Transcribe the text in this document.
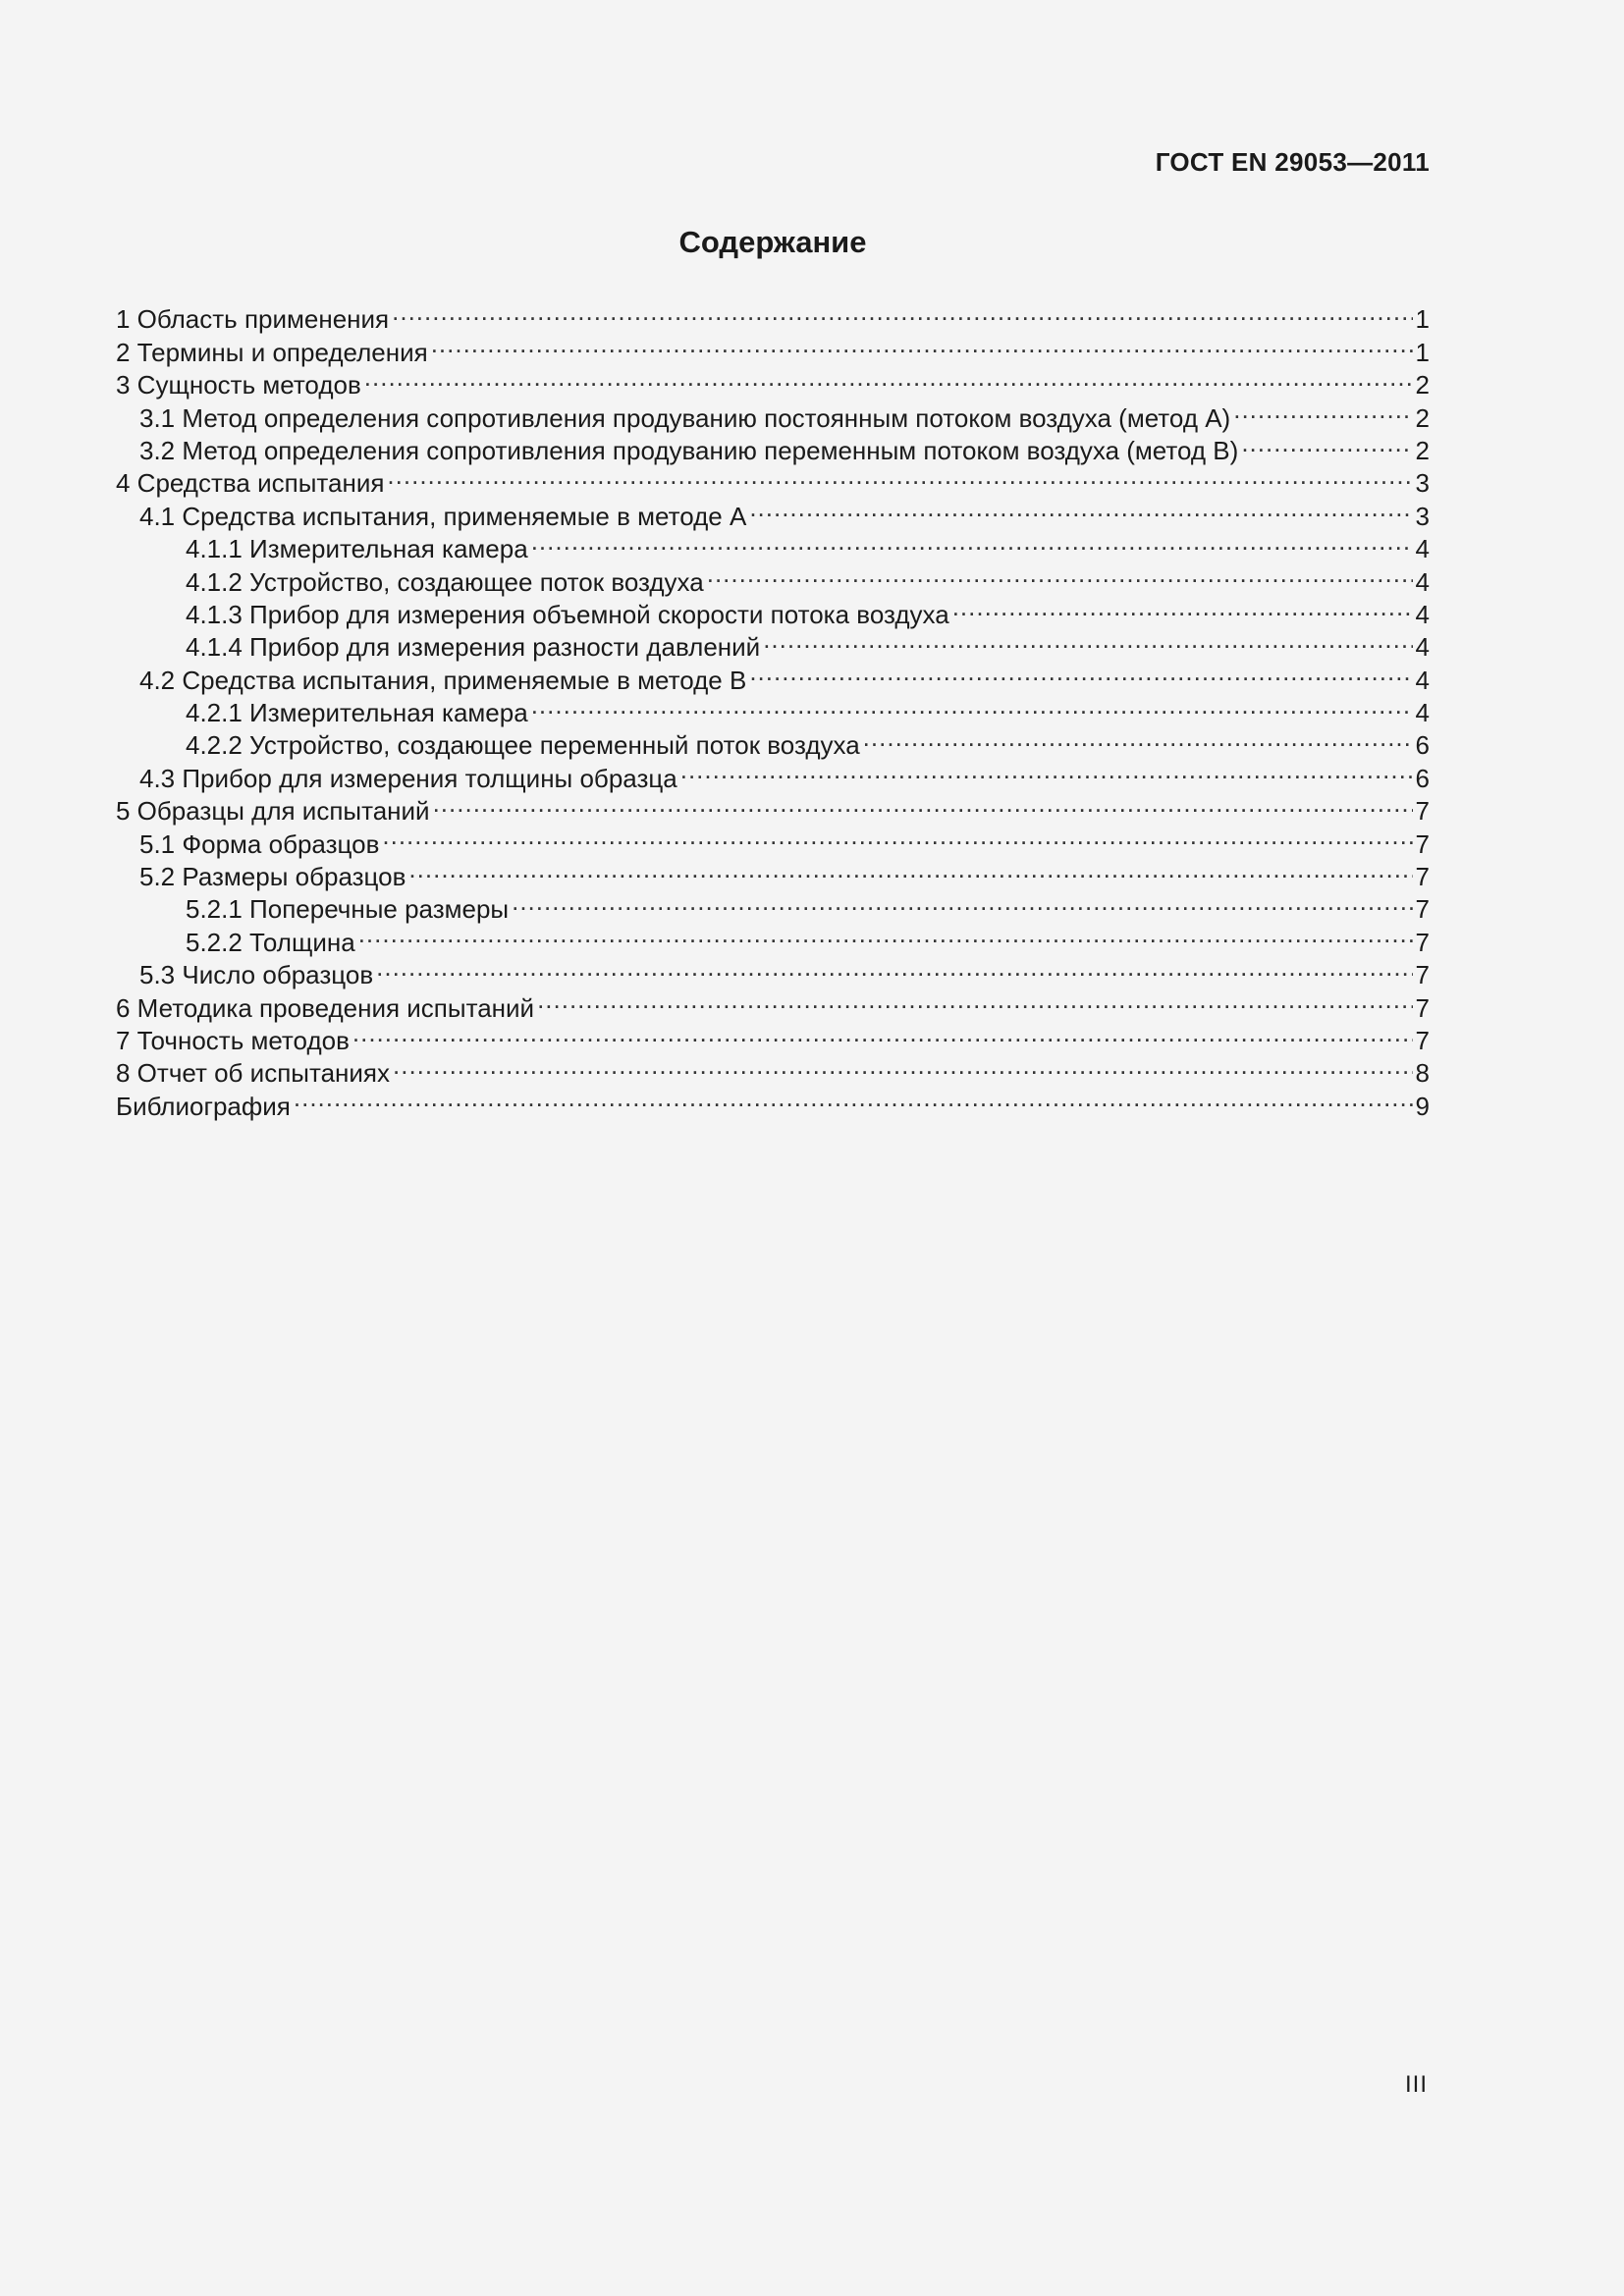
ГОСТ EN 29053—2011
Содержание
1 Область применения .....	1
2 Термины и определения .....	1
3 Сущность методов .....	2
3.1 Метод определения сопротивления продуванию постоянным потоком воздуха (метод A) .....	2
3.2 Метод определения сопротивления продуванию переменным потоком воздуха (метод B) .....	2
4 Средства испытания .....	3
4.1 Средства испытания, применяемые в методе А .....	3
4.1.1 Измерительная камера .....	4
4.1.2 Устройство, создающее поток воздуха .....	4
4.1.3 Прибор для измерения объемной скорости потока воздуха .....	4
4.1.4 Прибор для измерения разности давлений .....	4
4.2 Средства испытания, применяемые в методе В .....	4
4.2.1 Измерительная камера .....	4
4.2.2 Устройство, создающее переменный поток воздуха .....	6
4.3 Прибор для измерения толщины образца .....	6
5 Образцы для испытаний .....	7
5.1 Форма образцов .....	7
5.2 Размеры образцов .....	7
5.2.1 Поперечные размеры .....	7
5.2.2 Толщина .....	7
5.3 Число образцов .....	7
6 Методика проведения испытаний .....	7
7 Точность методов .....	7
8 Отчет об испытаниях .....	8
Библиография .....	9
III
